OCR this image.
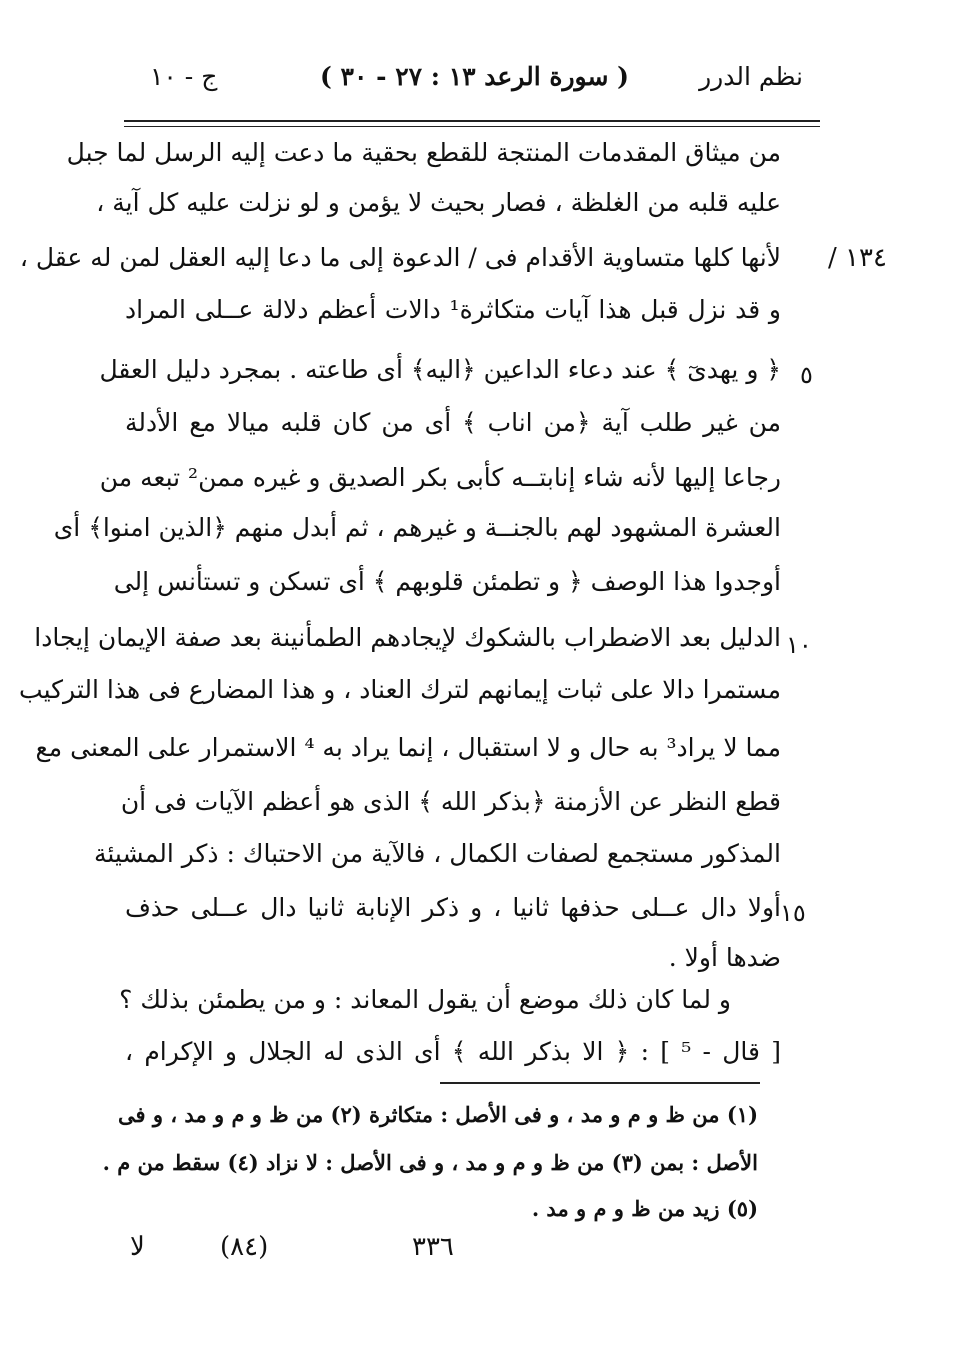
نظم الدرر
( سورة الرعد ١٣ : ٢٧ - ٣٠ )
ج - ١٠
١٣٤ /
من ميثاق المقدمات المنتجة للقطع بحقية ما دعت إليه الرسل لما جبل
عليه قلبه من الغلظة ، فصار بحيث لا يؤمن و لو نزلت عليه كل آية ،
لأنها كلها متساوية الأقدام فى / الدعوة إلى ما دعا إليه العقل لمن له عقل ،
و قد نزل قبل هذا آيات متكاثرة¹ دالات أعظم دلالة عــلى المراد
﴿ و يهدىٓ ﴾ عند دعاء الداعين ﴿اليه﴾ أى طاعته . بمجرد دليل العقل
من غير طلب آية ﴿من اناب ﴾ أى من كان قلبه ميالا مع الأدلة
رجاعا إليها لأنه شاء إنابتــه كأبى بكر الصديق و غيره ممن² تبعه من
العشرة المشهود لهم بالجنــة و غيرهم ، ثم أبدل منهم ﴿الذين امنوا﴾ أى
أوجدوا هذا الوصف ﴿ و تطمئن قلوبهم ﴾ أى تسكن و تستأنس إلى
الدليل بعد الاضطراب بالشكوك لإيجادهم الطمأنينة بعد صفة الإيمان إيجادا
مستمرا دالا على ثبات إيمانهم لترك العناد ، و هذا المضارع فى هذا التركيب
مما لا يراد³ به حال و لا استقبال ، إنما يراد به ⁴ الاستمرار على المعنى مع
قطع النظر عن الأزمنة ﴿بذكر الله ﴾ الذى هو أعظم الآيات فى أن
المذكور مستجمع لصفات الكمال ، فالآية من الاحتباك : ذكر المشيئة
أولا دال عــلى حذفها ثانيا ، و ذكر الإنابة ثانيا دال عــلى حذف
ضدها أولا .
و لما كان ذلك موضع أن يقول المعاند : و من يطمئن بذلك ؟
[ قال - ⁵ ] : ﴿ الا بذكر الله ﴾ أى الذى له الجلال و الإكرام ،
٥
١٠
١٥
(١) من ظ و م و مد ، و فى الأصل : متكاثرة (٢) من ظ و م و مد ، و فى
الأصل : بمن (٣) من ظ و م و مد ، و فى الأصل : لا نزاد (٤) سقط من م .
(٥) زيد من ظ و م و مد .
لا	(٨٤)	٣٣٦
